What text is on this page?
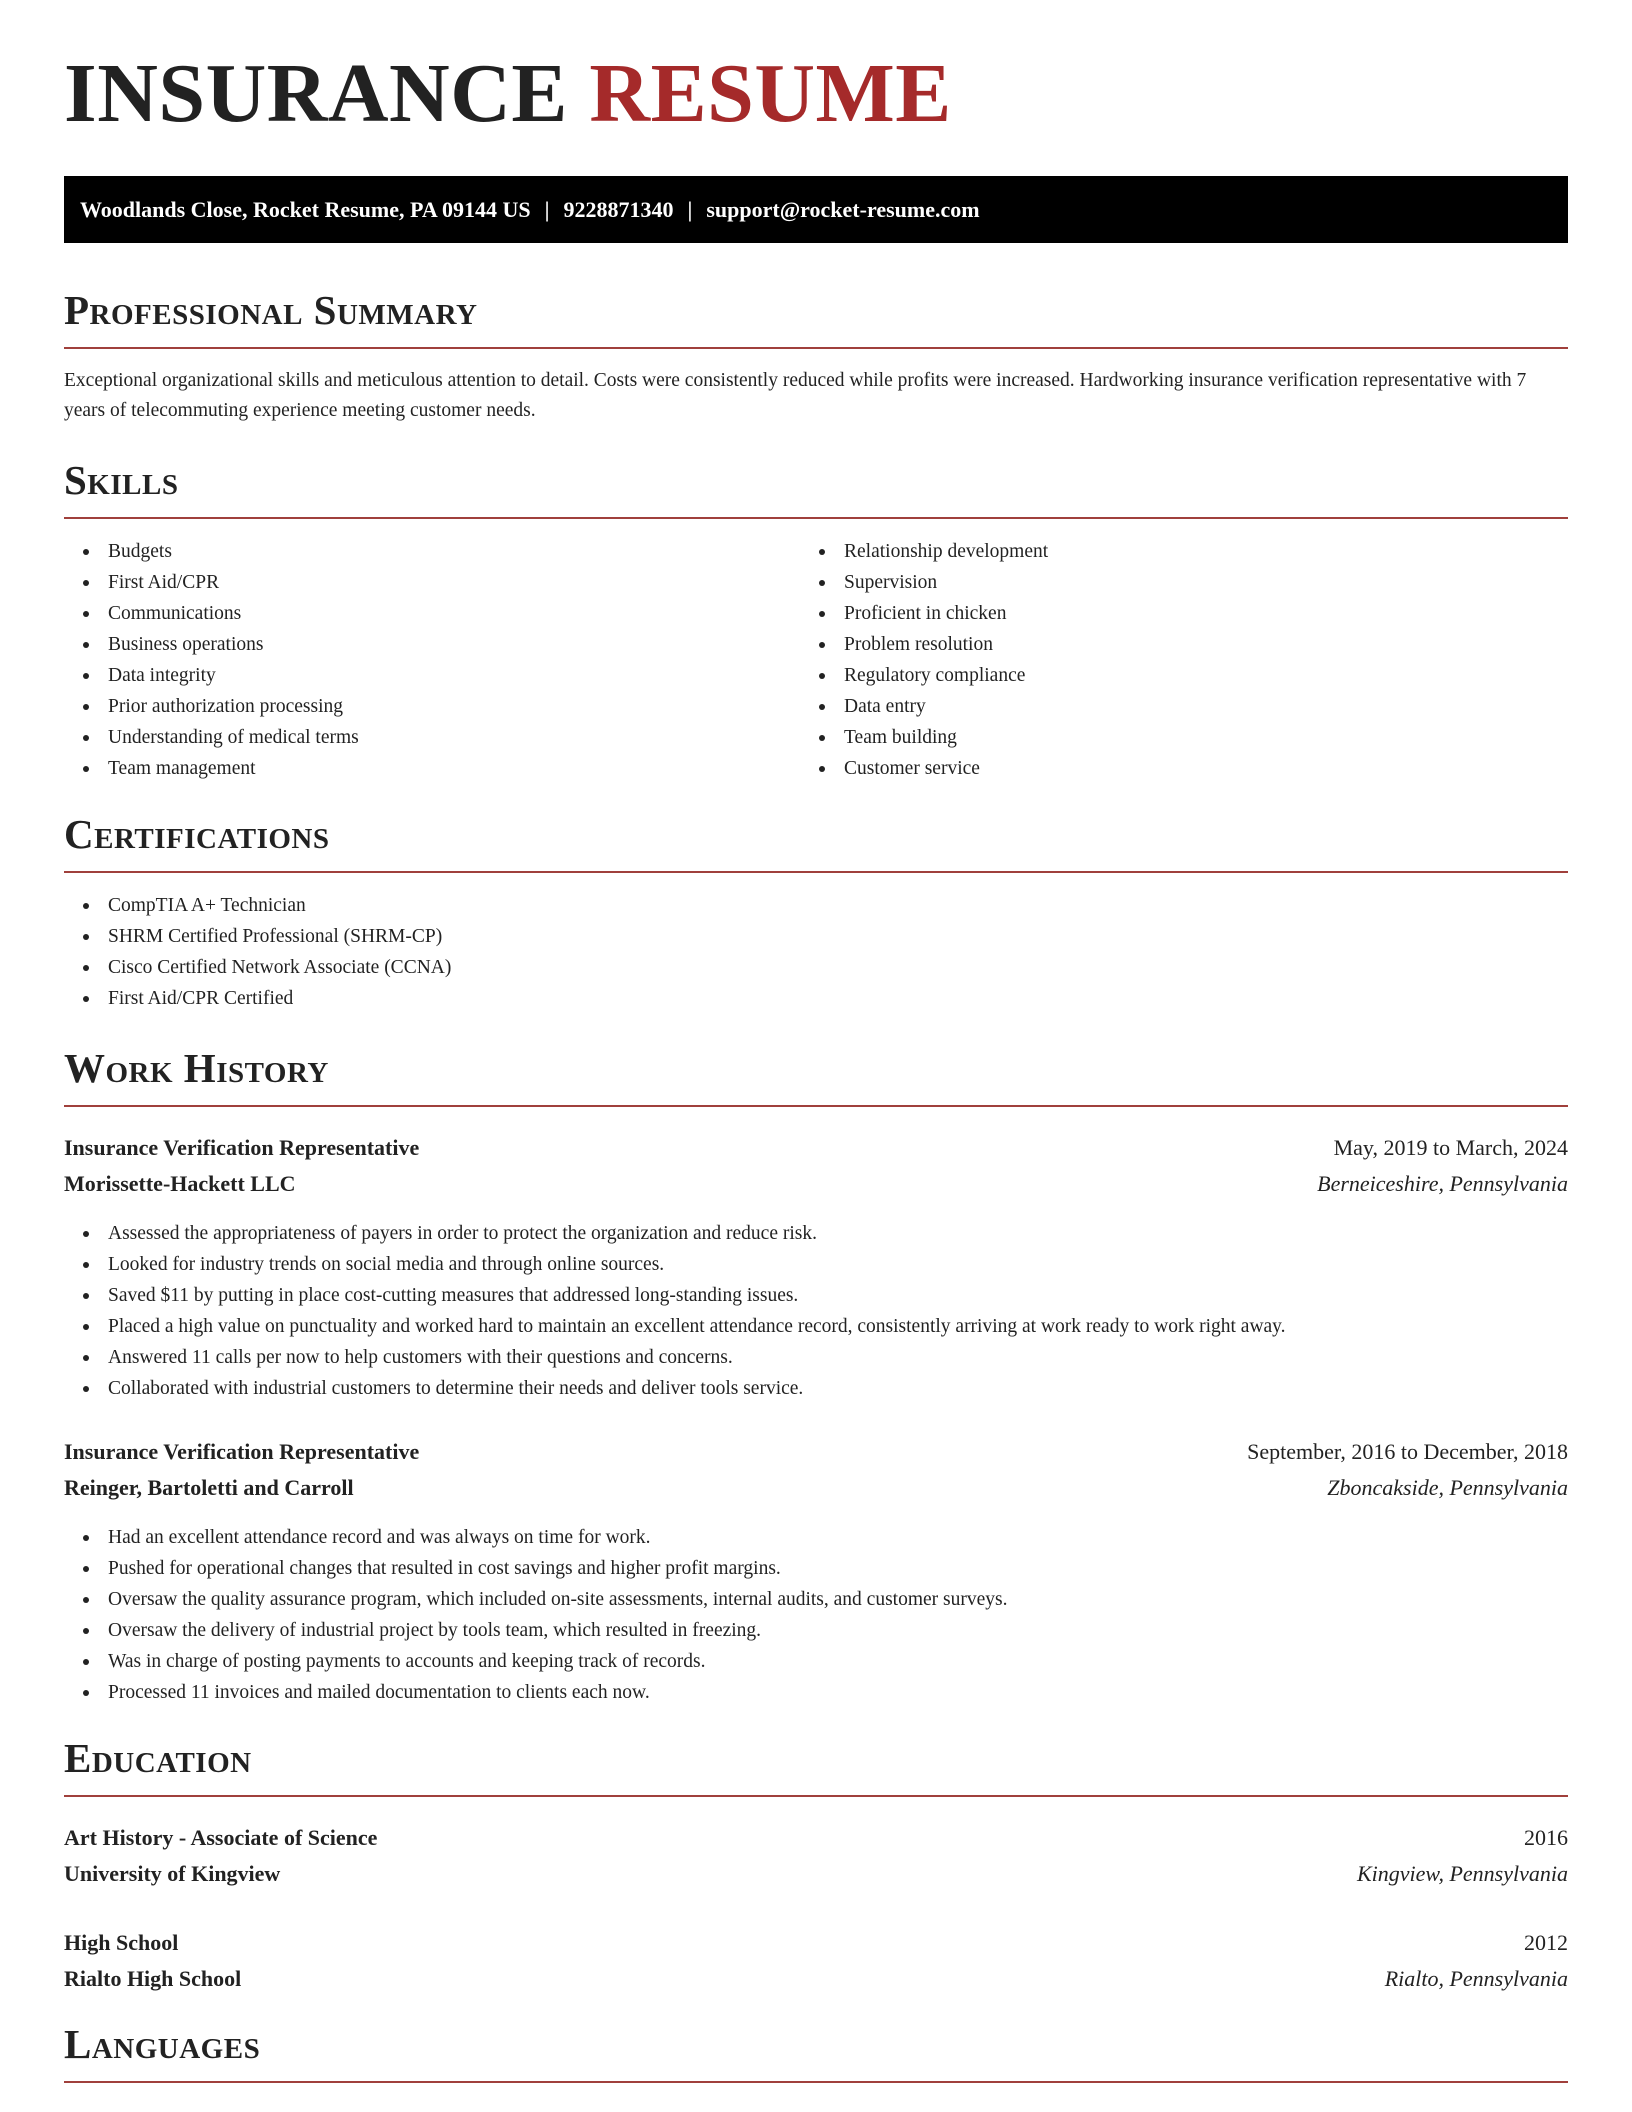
INSURANCE RESUME
Woodlands Close, Rocket Resume, PA 09144 US | 9228871340 | support@rocket-resume.com
Professional Summary
Exceptional organizational skills and meticulous attention to detail. Costs were consistently reduced while profits were increased. Hardworking insurance verification representative with 7 years of telecommuting experience meeting customer needs.
Skills
Budgets
First Aid/CPR
Communications
Business operations
Data integrity
Prior authorization processing
Understanding of medical terms
Team management
Relationship development
Supervision
Proficient in chicken
Problem resolution
Regulatory compliance
Data entry
Team building
Customer service
Certifications
CompTIA A+ Technician
SHRM Certified Professional (SHRM-CP)
Cisco Certified Network Associate (CCNA)
First Aid/CPR Certified
Work History
Insurance Verification Representative	May, 2019 to March, 2024
Morissette-Hackett LLC	Berneiceshire, Pennsylvania
Assessed the appropriateness of payers in order to protect the organization and reduce risk.
Looked for industry trends on social media and through online sources.
Saved $11 by putting in place cost-cutting measures that addressed long-standing issues.
Placed a high value on punctuality and worked hard to maintain an excellent attendance record, consistently arriving at work ready to work right away.
Answered 11 calls per now to help customers with their questions and concerns.
Collaborated with industrial customers to determine their needs and deliver tools service.
Insurance Verification Representative	September, 2016 to December, 2018
Reinger, Bartoletti and Carroll	Zboncakside, Pennsylvania
Had an excellent attendance record and was always on time for work.
Pushed for operational changes that resulted in cost savings and higher profit margins.
Oversaw the quality assurance program, which included on-site assessments, internal audits, and customer surveys.
Oversaw the delivery of industrial project by tools team, which resulted in freezing.
Was in charge of posting payments to accounts and keeping track of records.
Processed 11 invoices and mailed documentation to clients each now.
Education
Art History - Associate of Science	2016
University of Kingview	Kingview, Pennsylvania
High School	2012
Rialto High School	Rialto, Pennsylvania
Languages
